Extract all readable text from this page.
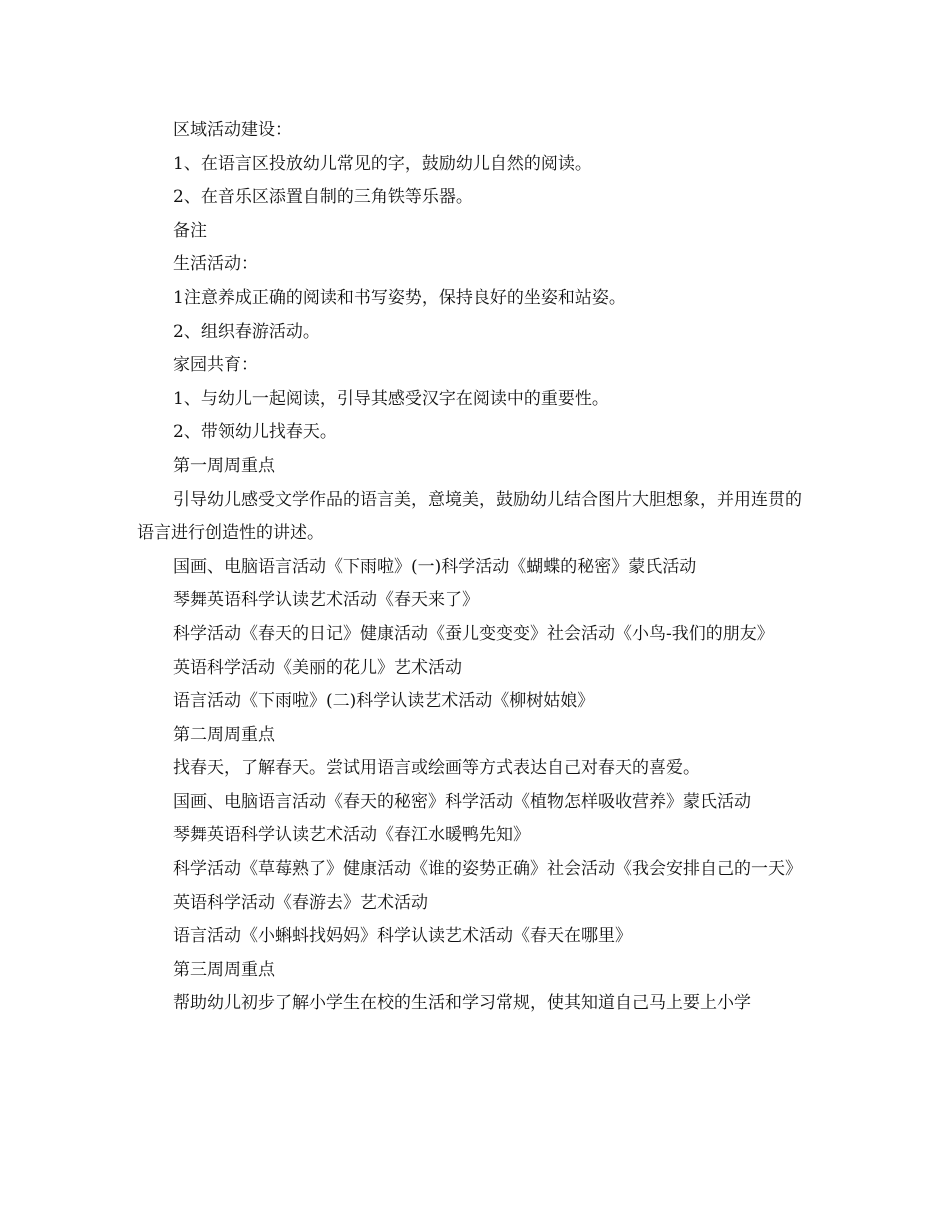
区域活动建设：

1、在语言区投放幼儿常见的字，鼓励幼儿自然的阅读。

2、在音乐区添置自制的三角铁等乐器。

备注

生活活动：

1注意养成正确的阅读和书写姿势，保持良好的坐姿和站姿。

2、组织春游活动。

家园共育：

1、与幼儿一起阅读，引导其感受汉字在阅读中的重要性。

2、带领幼儿找春天。

第一周周重点

引导幼儿感受文学作品的语言美，意境美，鼓励幼儿结合图片大胆想象，并用连贯的语言进行创造性的讲述。

国画、电脑语言活动《下雨啦》(一)科学活动《蝴蝶的秘密》蒙氏活动

琴舞英语科学认读艺术活动《春天来了》

科学活动《春天的日记》健康活动《蚕儿变变变》社会活动《小鸟-我们的朋友》

英语科学活动《美丽的花儿》艺术活动

语言活动《下雨啦》(二)科学认读艺术活动《柳树姑娘》

第二周周重点

找春天，了解春天。尝试用语言或绘画等方式表达自己对春天的喜爱。

国画、电脑语言活动《春天的秘密》科学活动《植物怎样吸收营养》蒙氏活动

琴舞英语科学认读艺术活动《春江水暖鸭先知》

科学活动《草莓熟了》健康活动《谁的姿势正确》社会活动《我会安排自己的一天》

英语科学活动《春游去》艺术活动

语言活动《小蝌蚪找妈妈》科学认读艺术活动《春天在哪里》

第三周周重点

帮助幼儿初步了解小学生在校的生活和学习常规，使其知道自己马上要上小学
